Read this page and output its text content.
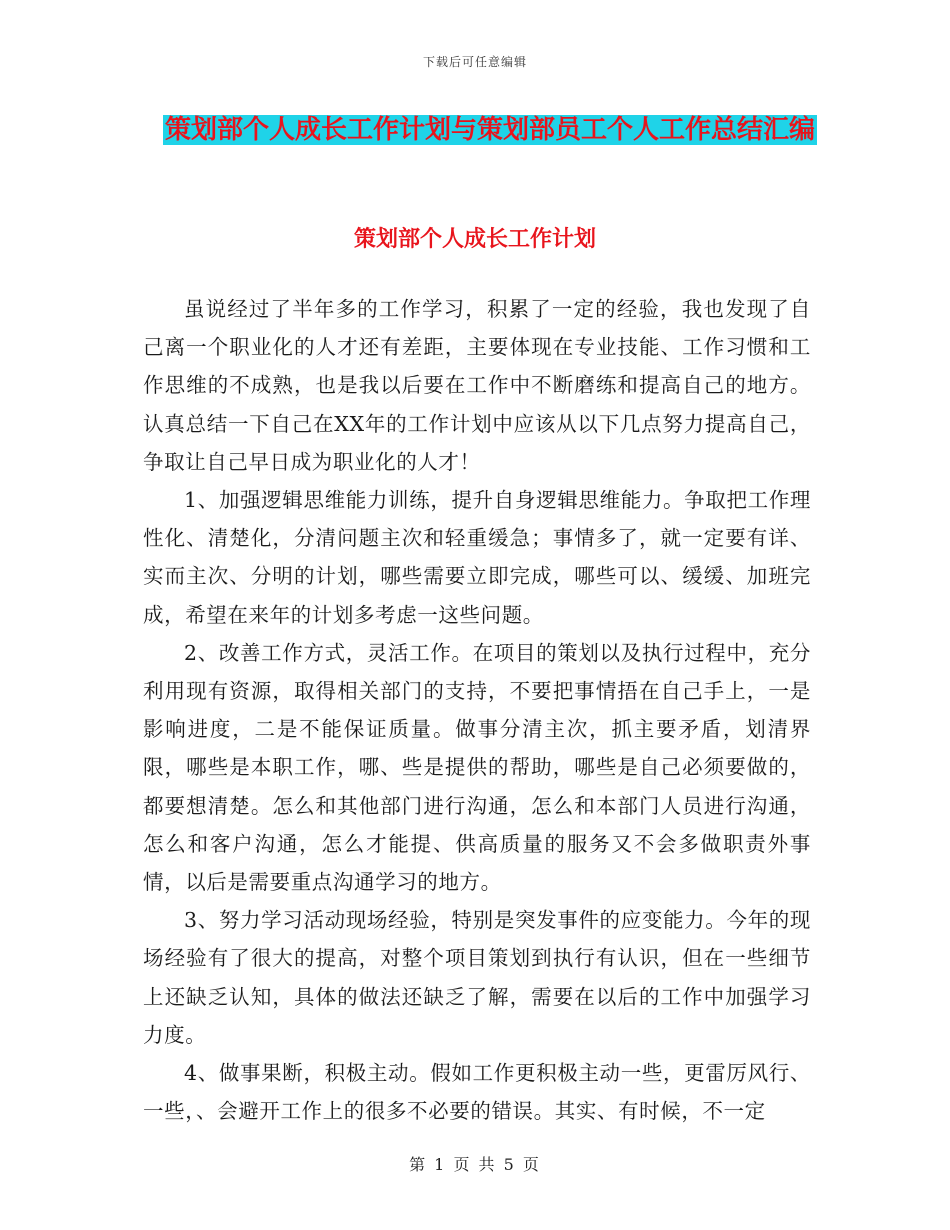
下载后可任意编辑
策划部个人成长工作计划与策划部员工个人工作总结汇编
策划部个人成长工作计划

虽说经过了半年多的工作学习，积累了一定的经验，我也发现了自己离一个职业化的人才还有差距，主要体现在专业技能、工作习惯和工作思维的不成熟，也是我以后要在工作中不断磨练和提高自己的地方。认真总结一下自己在XX年的工作计划中应该从以下几点努力提高自己，争取让自己早日成为职业化的人才！

1、加强逻辑思维能力训练，提升自身逻辑思维能力。争取把工作理性化、清楚化，分清问题主次和轻重缓急；事情多了，就一定要有详、实而主次、分明的计划，哪些需要立即完成，哪些可以、缓缓、加班完成，希望在来年的计划多考虑一这些问题。

2、改善工作方式，灵活工作。在项目的策划以及执行过程中，充分利用现有资源，取得相关部门的支持，不要把事情捂在自己手上，一是影响进度，二是不能保证质量。做事分清主次，抓主要矛盾，划清界限，哪些是本职工作，哪、些是提供的帮助，哪些是自己必须要做的，都要想清楚。怎么和其他部门进行沟通，怎么和本部门人员进行沟通，怎么和客户沟通，怎么才能提、供高质量的服务又不会多做职责外事情，以后是需要重点沟通学习的地方。

3、努力学习活动现场经验，特别是突发事件的应变能力。今年的现场经验有了很大的提高，对整个项目策划到执行有认识，但在一些细节上还缺乏认知，具体的做法还缺乏了解，需要在以后的工作中加强学习力度。

4、做事果断，积极主动。假如工作更积极主动一些，更雷厉风行、一些，、会避开工作上的很多不必要的错误。其实、有时候，不一定

第 1 页 共 5 页
